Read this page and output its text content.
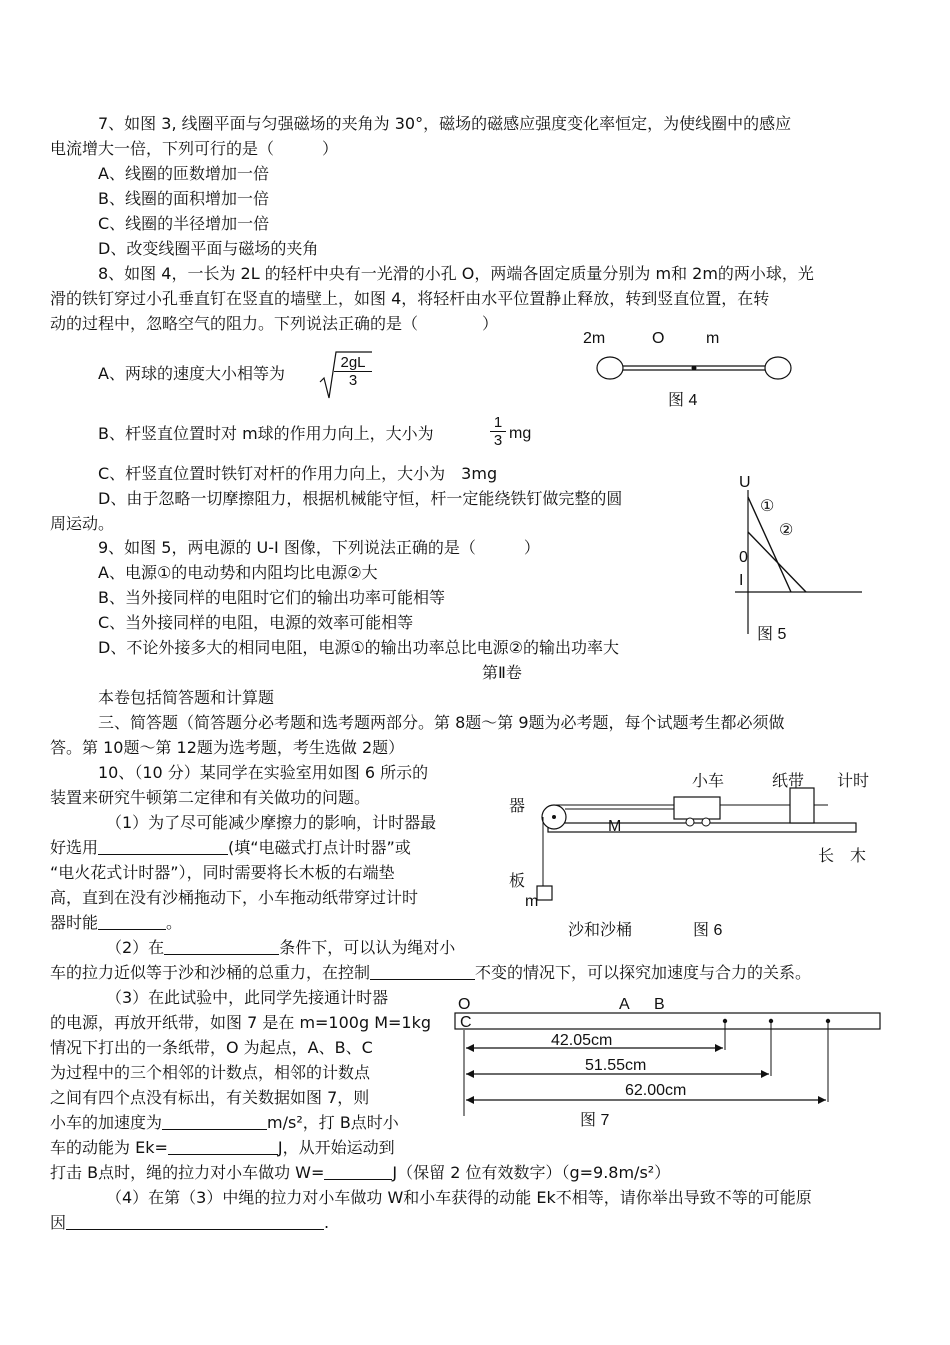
7、如图 3, 线圈平面与匀强磁场的夹角为 30°，磁场的磁感应强度变化率恒定，为使线圈中的感应
电流增大一倍，下列可行的是（　　　）
A、线圈的匝数增加一倍
B、线圈的面积增加一倍
C、线圈的半径增加一倍
D、改变线圈平面与磁场的夹角
8、如图 4，一长为 2L 的轻杆中央有一光滑的小孔 O，两端各固定质量分别为 m和 2m的两小球，光
滑的铁钉穿过小孔垂直钉在竖直的墙壁上，如图 4，将轻杆由水平位置静止释放，转到竖直位置，在转
动的过程中，忽略空气的阻力。下列说法正确的是（　　　　）
A、两球的速度大小相等为	$\frac{2gL}{3}$
B、杆竖直位置时对 m球的作用力向上，大小为	$\frac{1}{3}$ mg
C、杆竖直位置时铁钉对杆的作用力向上，大小为　3mg
D、由于忽略一切摩擦阻力，根据机械能守恒，杆一定能绕铁钉做完整的圆
周运动。
2m	O	m
图 4
9、如图 5，两电源的 U-I 图像，下列说法正确的是（　　　）
A、电源①的电动势和内阻均比电源②大
B、当外接同样的电阻时它们的输出功率可能相等
C、当外接同样的电阻，电源的效率可能相等
D、不论外接多大的相同电阻，电源①的输出功率总比电源②的输出功率大
U
①
②
0
I
图 5
第Ⅱ卷
本卷包括简答题和计算题
三、简答题（简答题分必考题和选考题两部分。第 8题～第 9题为必考题，每个试题考生都必须做
答。第 10题～第 12题为选考题，考生选做 2题）
10、（10 分）某同学在实验室用如图 6 所示的
装置来研究牛顿第二定律和有关做功的问题。
（1）为了尽可能减少摩擦力的影响，计时器最
好选用	(填“电磁式打点计时器”或
“电火花式计时器”），同时需要将长木板的右端垫
高，直到在没有沙桶拖动下，小车拖动纸带穿过计时
器时能	。
（2）在	条件下，可以认为绳对小
车的拉力近似等于沙和沙桶的总重力，在控制	不变的情况下，可以探究加速度与合力的关系。
（3）在此试验中，此同学先接通计时器
的电源，再放开纸带，如图 7 是在 m=100g M=1kg
情况下打出的一条纸带，O 为起点，A、B、C
为过程中的三个相邻的计数点，相邻的计数点
之间有四个点没有标出，有关数据如图 7，则
小车的加速度为	m/s²，打 B点时小
车的动能为 Ek=	J，从开始运动到
打击 B点时，绳的拉力对小车做功 W=	J（保留 2 位有效数字）（g=9.8m/s²）
（4）在第（3）中绳的拉力对小车做功 W和小车获得的动能 Ek不相等，请你举出导致不等的可能原
因	.
小车	纸带 计时
器
M
长　木
板
m
沙和沙桶	图 6
O	A B
C
42.05cm
51.55cm
62.00cm
图 7
